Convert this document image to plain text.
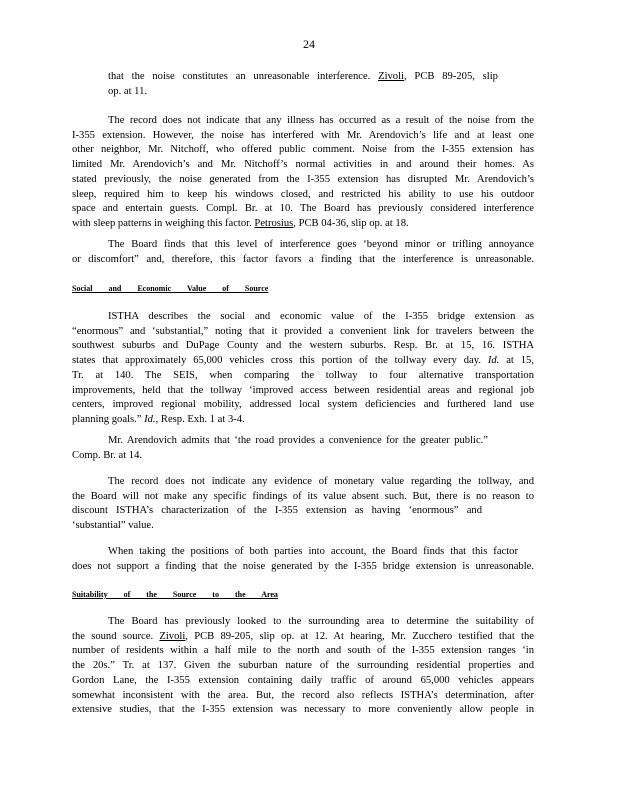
24
that the noise constitutes an unreasonable interference. Zivoli, PCB 89-205, slip
op. at 11.
The record does not indicate that any illness has occurred as a result of the noise from the
I-355 extension. However, the noise has interfered with Mr. Arendovich’s life and at least one
other neighbor, Mr. Nitchoff, who offered public comment. Noise from the I-355 extension has
limited Mr. Arendovich’s and Mr. Nitchoff’s normal activities in and around their homes. As
stated previously, the noise generated from the I-355 extension has disrupted Mr. Arendovich’s
sleep, required him to keep his windows closed, and restricted his ability to use his outdoor
space and entertain guests. Compl. Br. at 10. The Board has previously considered interference
with sleep patterns in weighing this factor. Petrosius, PCB 04-36, slip op. at 18.
The Board finds that this level of interference goes ‘beyond minor or trifling annoyance
or discomfort” and, therefore, this factor favors a finding that the interference is unreasonable.
Social and Economic Value of Source
ISTHA describes the social and economic value of the I-355 bridge extension as
“enormous” and ‘substantial,” noting that it provided a convenient link for travelers between the
southwest suburbs and DuPage County and the western suburbs. Resp. Br. at 15, 16. ISTHA
states that approximately 65,000 vehicles cross this portion of the tollway every day. Id. at 15,
Tr. at 140. The SEIS, when comparing the tollway to four alternative transportation
improvements, held that the tollway ‘improved access between residential areas and regional job
centers, improved regional mobility, addressed local system deficiencies and furthered land use
planning goals.” Id., Resp. Exh. 1 at 3-4.
Mr. Arendovich admits that ‘the road provides a convenience for the greater public.”
Comp. Br. at 14.
The record does not indicate any evidence of monetary value regarding the tollway, and
the Board will not make any specific findings of its value absent such. But, there is no reason to
discount ISTHA’s characterization of the I-355 extension as having ‘enormous” and
‘substantial” value.
When taking the positions of both parties into account, the Board finds that this factor
does not support a finding that the noise generated by the I-355 bridge extension is unreasonable.
Suitability of the Source to the Area
The Board has previously looked to the surrounding area to determine the suitability of
the sound source. Zivoli, PCB 89-205, slip op. at 12. At hearing, Mr. Zucchero testified that the
number of residents within a half mile to the north and south of the I-355 extension ranges ‘in
the 20s.” Tr. at 137. Given the suburban nature of the surrounding residential properties and
Gordon Lane, the I-355 extension containing daily traffic of around 65,000 vehicles appears
somewhat inconsistent with the area. But, the record also reflects ISTHA’s determination, after
extensive studies, that the I-355 extension was necessary to more conveniently allow people in
